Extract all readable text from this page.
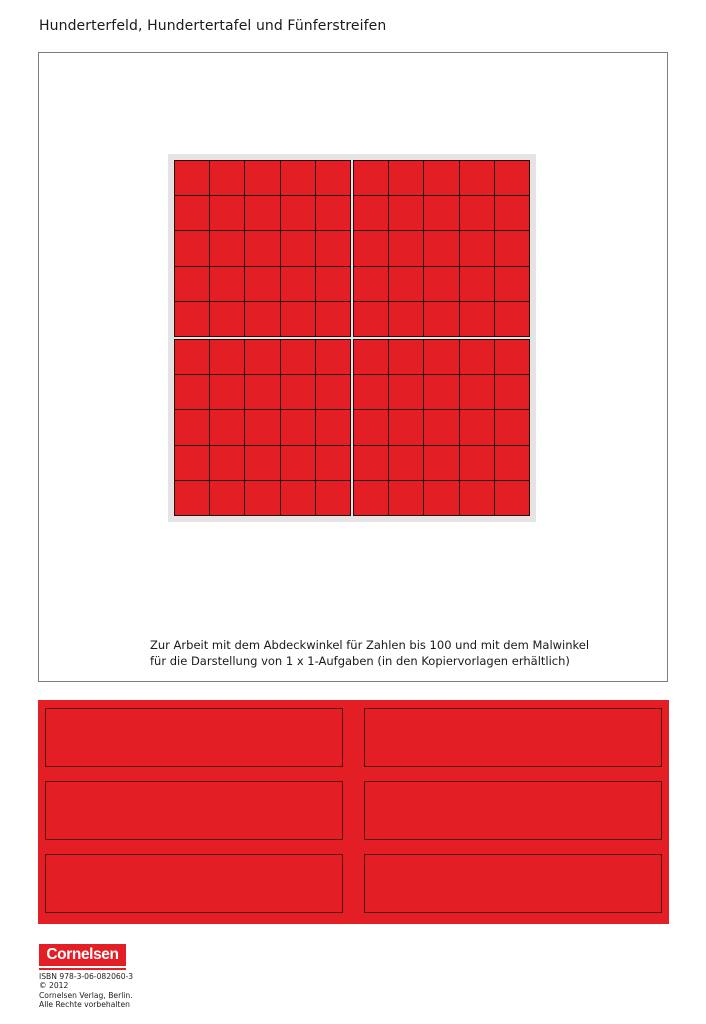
Hunderterfeld, Hundertertafel und Fünferstreifen
Zur Arbeit mit dem Abdeckwinkel für Zahlen bis 100 und mit dem Malwinkel
für die Darstellung von 1 x 1-Aufgaben (in den Kopiervorlagen erhältlich)
Cornelsen
ISBN 978-3-06-082060-3
© 2012
Cornelsen Verlag, Berlin.
Alle Rechte vorbehalten
